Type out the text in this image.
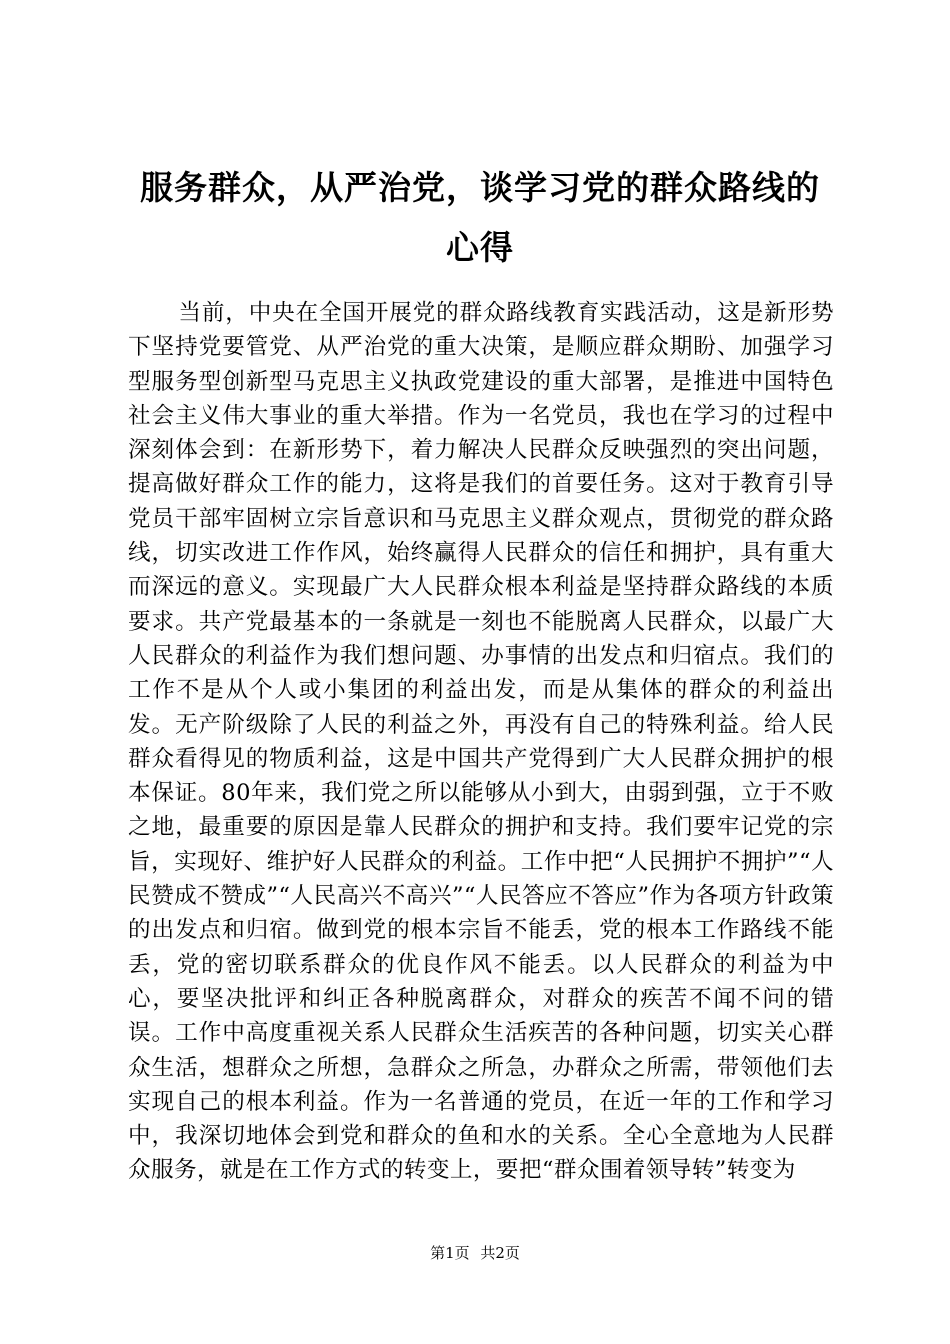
服务群众，从严治党，谈学习党的群众路线的
心得

当前，中央在全国开展党的群众路线教育实践活动，这是新形势下坚持党要管党、从严治党的重大决策，是顺应群众期盼、加强学习型服务型创新型马克思主义执政党建设的重大部署，是推进中国特色社会主义伟大事业的重大举措。作为一名党员，我也在学习的过程中深刻体会到：在新形势下，着力解决人民群众反映强烈的突出问题，提高做好群众工作的能力，这将是我们的首要任务。这对于教育引导党员干部牢固树立宗旨意识和马克思主义群众观点，贯彻党的群众路线，切实改进工作作风，始终赢得人民群众的信任和拥护，具有重大而深远的意义。实现最广大人民群众根本利益是坚持群众路线的本质要求。共产党最基本的一条就是一刻也不能脱离人民群众，以最广大人民群众的利益作为我们想问题、办事情的出发点和归宿点。我们的工作不是从个人或小集团的利益出发，而是从集体的群众的利益出发。无产阶级除了人民的利益之外，再没有自己的特殊利益。给人民群众看得见的物质利益，这是中国共产党得到广大人民群众拥护的根本保证。80年来，我们党之所以能够从小到大，由弱到强，立于不败之地，最重要的原因是靠人民群众的拥护和支持。我们要牢记党的宗旨，实现好、维护好人民群众的利益。工作中把“人民拥护不拥护”“人民赞成不赞成”“人民高兴不高兴”“人民答应不答应”作为各项方针政策的出发点和归宿。做到党的根本宗旨不能丢，党的根本工作路线不能丢，党的密切联系群众的优良作风不能丢。以人民群众的利益为中心，要坚决批评和纠正各种脱离群众，对群众的疾苦不闻不问的错误。工作中高度重视关系人民群众生活疾苦的各种问题，切实关心群众生活，想群众之所想，急群众之所急，办群众之所需，带领他们去实现自己的根本利益。作为一名普通的党员，在近一年的工作和学习中，我深切地体会到党和群众的鱼和水的关系。全心全意地为人民群众服务，就是在工作方式的转变上，要把“群众围着领导转”转变为

第1页 共2页
